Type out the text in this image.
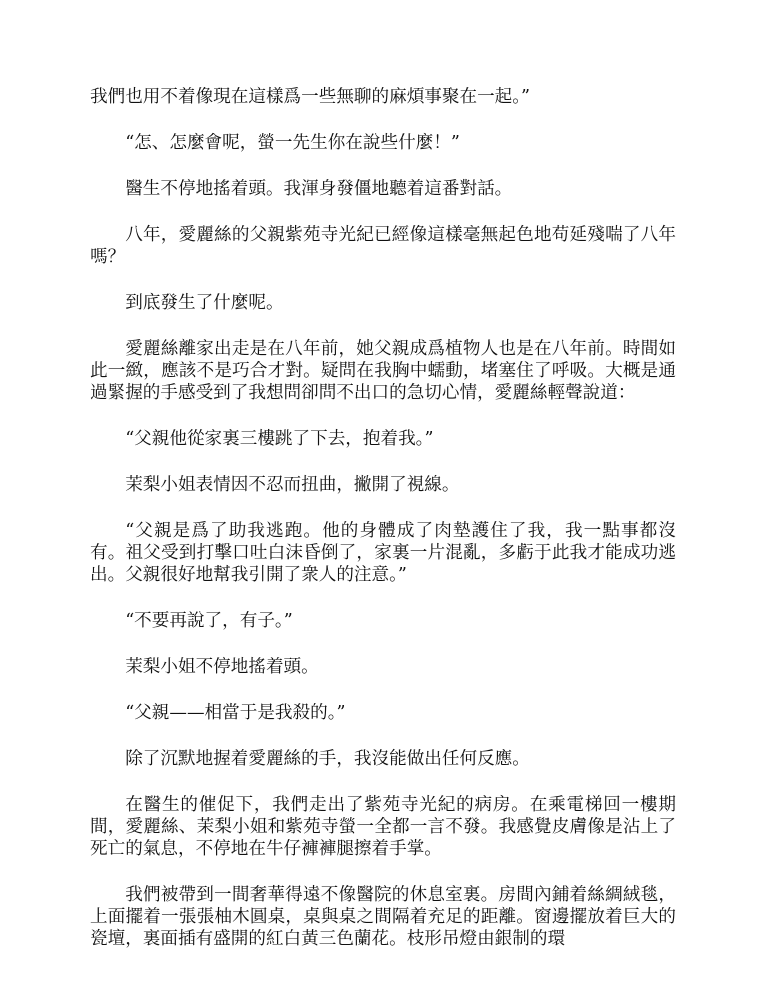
我們也用不着像現在這樣爲一些無聊的麻煩事聚在一起。”

“怎、怎麼會呢，螢一先生你在說些什麼！”

醫生不停地搖着頭。我渾身發僵地聽着這番對話。

八年，愛麗絲的父親紫苑寺光紀已經像這樣毫無起色地苟延殘喘了八年嗎？

到底發生了什麼呢。

愛麗絲離家出走是在八年前，她父親成爲植物人也是在八年前。時間如此一緻，應該不是巧合才對。疑問在我胸中蠕動，堵塞住了呼吸。大概是通過緊握的手感受到了我想問卻問不出口的急切心情，愛麗絲輕聲說道：

“父親他從家裏三樓跳了下去，抱着我。”

茉梨小姐表情因不忍而扭曲，撇開了視線。

“父親是爲了助我逃跑。他的身體成了肉墊護住了我，我一點事都沒有。祖父受到打擊口吐白沫昏倒了，家裏一片混亂，多虧于此我才能成功逃出。父親很好地幫我引開了衆人的注意。”

“不要再說了，有子。”

茉梨小姐不停地搖着頭。

“父親——相當于是我殺的。”

除了沉默地握着愛麗絲的手，我沒能做出任何反應。

在醫生的催促下，我們走出了紫苑寺光紀的病房。在乘電梯回一樓期間，愛麗絲、茉梨小姐和紫苑寺螢一全都一言不發。我感覺皮膚像是沾上了死亡的氣息，不停地在牛仔褲褲腿擦着手掌。

我們被帶到一間奢華得遠不像醫院的休息室裏。房間內鋪着絲綢絨毯，上面擺着一張張柚木圓桌，桌與桌之間隔着充足的距離。窗邊擺放着巨大的瓷壇，裏面插有盛開的紅白黃三色蘭花。枝形吊燈由銀制的環
